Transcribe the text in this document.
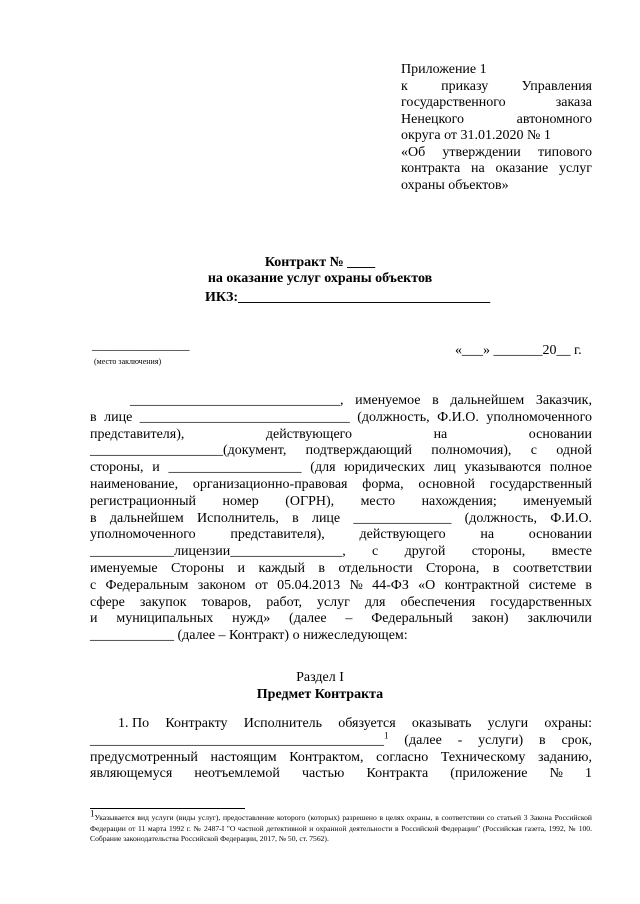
Приложение 1
к приказу Управления
государственного	заказа
Ненецкого	автономного
округа от 31.01.2020 № 1
«Об утверждении типового
контракта на оказание услуг
охраны объектов»
Контракт № ____
на оказание услуг охраны объектов
ИКЗ:____________________________________
_______________
(место заключения)
«___» _______20__ г.
______________________________, именуемое в дальнейшем Заказчик,
в лице ______________________________ (должность, Ф.И.О. уполномоченного
представителя),	действующего	на	основании
___________________(документ, подтверждающий полномочия), с одной
стороны, и ___________________ (для юридических лиц указываются полное
наименование, организационно-правовая форма, основной государственный
регистрационный номер (ОГРН), место нахождения; именуемый
в дальнейшем Исполнитель, в лице ______________ (должность, Ф.И.О.
уполномоченного представителя), действующего на основании
____________лицензии________________, с другой стороны, вместе
именуемые Стороны и каждый в отдельности Сторона, в соответствии
с Федеральным законом от 05.04.2013 № 44-ФЗ «О контрактной системе в
сфере закупок товаров, работ, услуг для обеспечения государственных
и муниципальных нужд» (далее – Федеральный закон) заключили
____________ (далее – Контракт) о нижеследующем:
Раздел I
Предмет Контракта
1. По Контракту Исполнитель обязуется оказывать услуги охраны:
__________________________________________$^1$ (далее - услуги) в срок,
предусмотренный настоящим Контрактом, согласно Техническому заданию,
являющемуся неотъемлемой частью Контракта (приложение № 1
$^1$Указывается вид услуги (виды услуг), предоставление которого (которых) разрешено в целях охраны, в соответствии со статьей 3 Закона Российской Федерации от 11 марта 1992 г. № 2487-I "О частной детективной и охранной деятельности в Российской Федерации" (Российская газета, 1992, № 100. Собрание законодательства Российской Федерации, 2017, № 50, ст. 7562).
